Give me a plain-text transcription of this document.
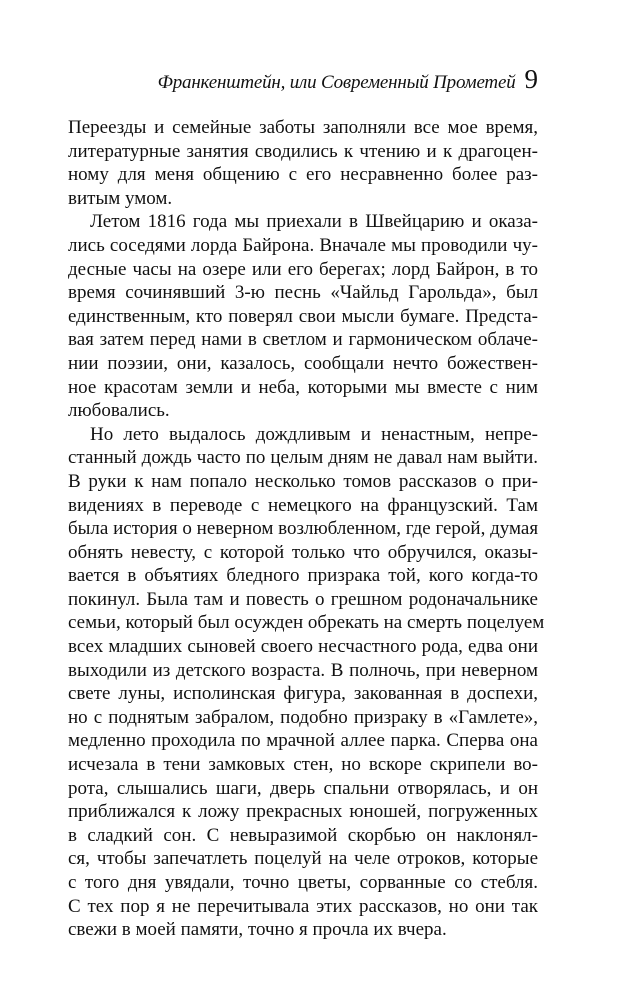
Франкенштейн, или Современный Прометей 9

Переезды и семейные заботы заполняли все мое время,
литературные занятия сводились к чтению и к драгоцен-
ному для меня общению с его несравненно более раз-
витым умом.

Летом 1816 года мы приехали в Швейцарию и оказа-
лись соседями лорда Байрона. Вначале мы проводили чу-
десные часы на озере или его берегах; лорд Байрон, в то
время сочинявший 3-ю песнь «Чайльд Гарольда», был
единственным, кто поверял свои мысли бумаге. Предста-
вая затем перед нами в светлом и гармоническом облаче-
нии поэзии, они, казалось, сообщали нечто божествен-
ное красотам земли и неба, которыми мы вместе с ним
любовались.

Но лето выдалось дождливым и ненастным, непре-
станный дождь часто по целым дням не давал нам выйти.
В руки к нам попало несколько томов рассказов о при-
видениях в переводе с немецкого на французский. Там
была история о неверном возлюбленном, где герой, думая
обнять невесту, с которой только что обручился, оказы-
вается в объятиях бледного призрака той, кого когда-то
покинул. Была там и повесть о грешном родоначальнике
семьи, который был осужден обрекать на смерть поцелуем
всех младших сыновей своего несчастного рода, едва они
выходили из детского возраста. В полночь, при неверном
свете луны, исполинская фигура, закованная в доспехи,
но с поднятым забралом, подобно призраку в «Гамлете»,
медленно проходила по мрачной аллее парка. Сперва она
исчезала в тени замковых стен, но вскоре скрипели во-
рота, слышались шаги, дверь спальни отворялась, и он
приближался к ложу прекрасных юношей, погруженных
в сладкий сон. С невыразимой скорбью он наклонял-
ся, чтобы запечатлеть поцелуй на челе отроков, которые
с того дня увядали, точно цветы, сорванные со стебля.
С тех пор я не перечитывала этих рассказов, но они так
свежи в моей памяти, точно я прочла их вчера.
